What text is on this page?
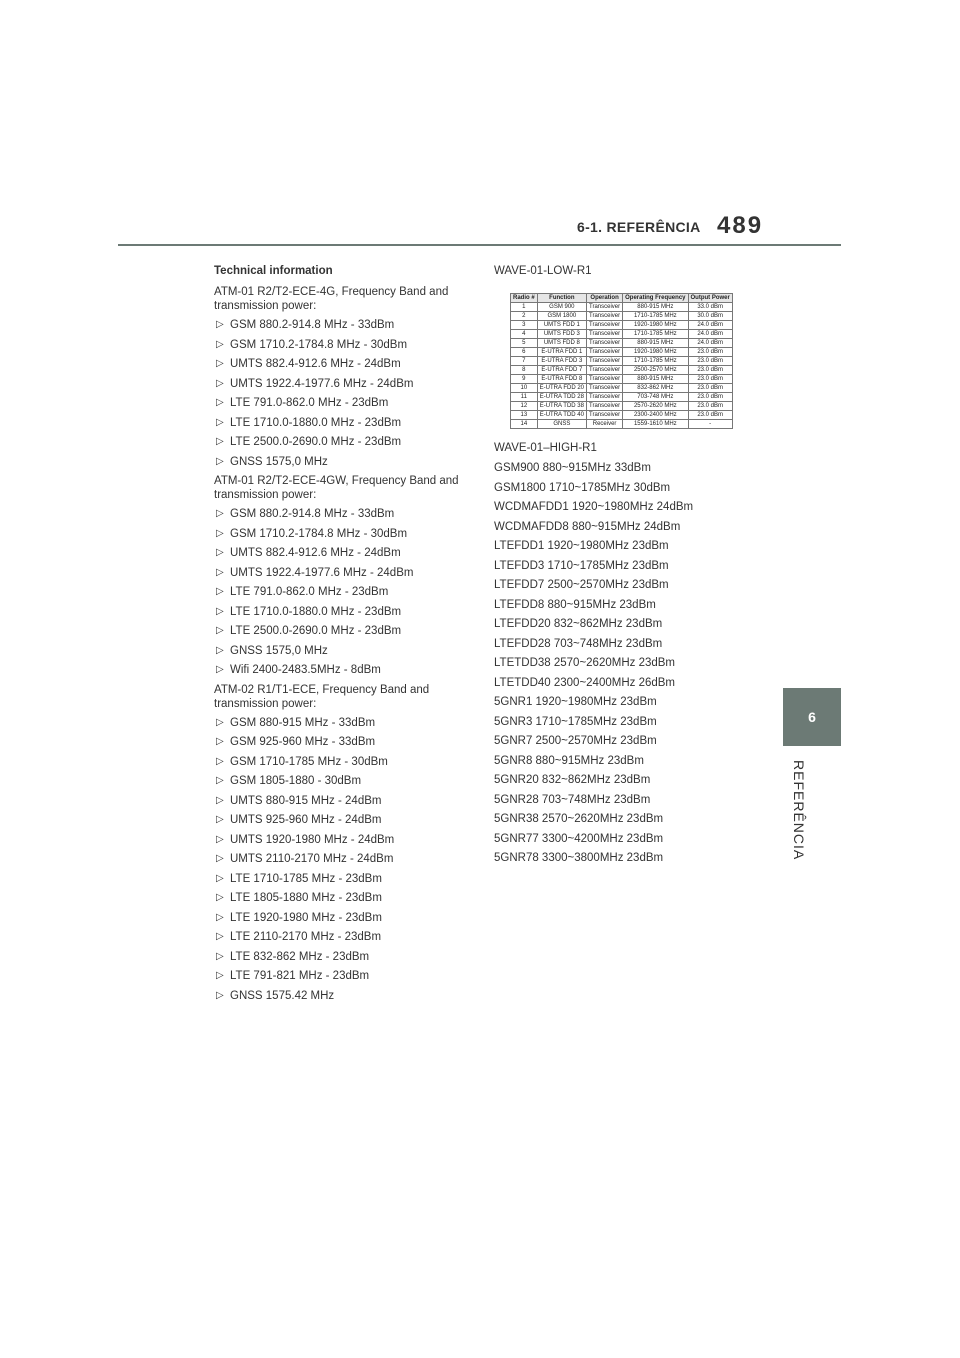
6-1. REFERÊNCIA 489
6
REFERÊNCIA
Technical information
ATM-01 R2/T2-ECE-4G, Frequency Band and transmission power:
▷ GSM 880.2-914.8 MHz - 33dBm
▷ GSM 1710.2-1784.8 MHz - 30dBm
▷ UMTS 882.4-912.6 MHz - 24dBm
▷ UMTS 1922.4-1977.6 MHz - 24dBm
▷ LTE 791.0-862.0 MHz - 23dBm
▷ LTE 1710.0-1880.0 MHz - 23dBm
▷ LTE 2500.0-2690.0 MHz - 23dBm
▷ GNSS 1575,0 MHz
ATM-01 R2/T2-ECE-4GW, Frequency Band and transmission power:
▷ GSM 880.2-914.8 MHz - 33dBm
▷ GSM 1710.2-1784.8 MHz - 30dBm
▷ UMTS 882.4-912.6 MHz - 24dBm
▷ UMTS 1922.4-1977.6 MHz - 24dBm
▷ LTE 791.0-862.0 MHz - 23dBm
▷ LTE 1710.0-1880.0 MHz - 23dBm
▷ LTE 2500.0-2690.0 MHz - 23dBm
▷ GNSS 1575,0 MHz
▷ Wifi 2400-2483.5MHz - 8dBm
ATM-02 R1/T1-ECE, Frequency Band and transmission power:
▷ GSM 880-915 MHz - 33dBm
▷ GSM 925-960 MHz - 33dBm
▷ GSM 1710-1785 MHz - 30dBm
▷ GSM 1805-1880 - 30dBm
▷ UMTS 880-915 MHz - 24dBm
▷ UMTS 925-960 MHz - 24dBm
▷ UMTS 1920-1980 MHz - 24dBm
▷ UMTS 2110-2170 MHz - 24dBm
▷ LTE 1710-1785 MHz - 23dBm
▷ LTE 1805-1880 MHz - 23dBm
▷ LTE 1920-1980 MHz - 23dBm
▷ LTE 2110-2170 MHz - 23dBm
▷ LTE 832-862 MHz - 23dBm
▷ LTE 791-821 MHz - 23dBm
▷ GNSS 1575.42 MHz
WAVE-01-LOW-R1
Radio #	Function	Operation	Operating Frequency	Output Power
1	GSM 900	Transceiver	880-915 MHz	33.0 dBm
2	GSM 1800	Transceiver	1710-1785 MHz	30.0 dBm
3	UMTS FDD 1	Transceiver	1920-1980 MHz	24.0 dBm
4	UMTS FDD 3	Transceiver	1710-1785 MHz	24.0 dBm
5	UMTS FDD 8	Transceiver	880-915 MHz	24.0 dBm
6	E-UTRA FDD 1	Transceiver	1920-1980 MHz	23.0 dBm
7	E-UTRA FDD 3	Transceiver	1710-1785 MHz	23.0 dBm
8	E-UTRA FDD 7	Transceiver	2500-2570 MHz	23.0 dBm
9	E-UTRA FDD 8	Transceiver	880-915 MHz	23.0 dBm
10	E-UTRA FDD 20	Transceiver	832-862 MHz	23.0 dBm
11	E-UTRA TDD 28	Transceiver	703-748 MHz	23.0 dBm
12	E-UTRA TDD 38	Transceiver	2570-2620 MHz	23.0 dBm
13	E-UTRA TDD 40	Transceiver	2300-2400 MHz	23.0 dBm
14	GNSS	Receiver	1559-1610 MHz	-
WAVE-01–HIGH-R1
GSM900 880~915MHz 33dBm
GSM1800 1710~1785MHz 30dBm
WCDMAFDD1 1920~1980MHz 24dBm
WCDMAFDD8 880~915MHz 24dBm
LTEFDD1 1920~1980MHz 23dBm
LTEFDD3 1710~1785MHz 23dBm
LTEFDD7 2500~2570MHz 23dBm
LTEFDD8 880~915MHz 23dBm
LTEFDD20 832~862MHz 23dBm
LTEFDD28 703~748MHz 23dBm
LTETDD38 2570~2620MHz 23dBm
LTETDD40 2300~2400MHz 26dBm
5GNR1 1920~1980MHz 23dBm
5GNR3 1710~1785MHz 23dBm
5GNR7 2500~2570MHz 23dBm
5GNR8 880~915MHz 23dBm
5GNR20 832~862MHz 23dBm
5GNR28 703~748MHz 23dBm
5GNR38 2570~2620MHz 23dBm
5GNR77 3300~4200MHz 23dBm
5GNR78 3300~3800MHz 23dBm
